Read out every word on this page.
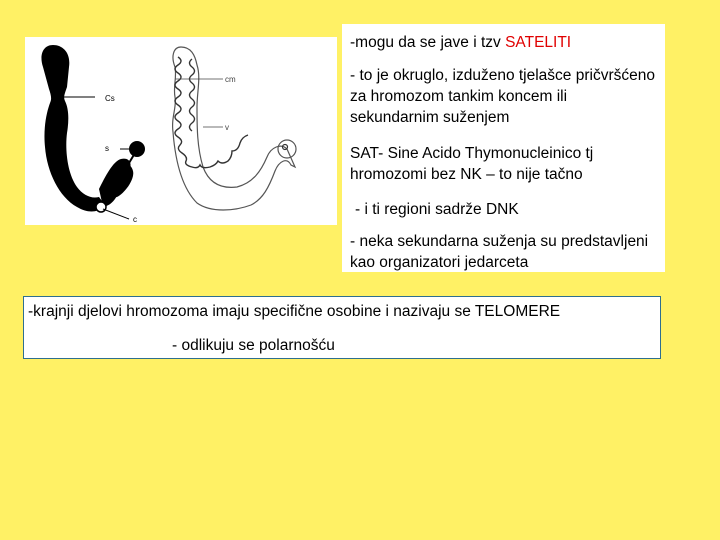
Cs
s
c
cm
v

-mogu da se jave i tzv SATELITI

- to je okruglo, izduženo tjelašce pričvršćeno za hromozom tankim koncem ili sekundarnim suženjem

SAT- Sine Acido Thymonucleinico tj hromozomi bez NK – to nije tačno

- i ti regioni sadrže DNK

- neka sekundarna suženja su predstavljeni kao organizatori jedarceta

-krajnji djelovi hromozoma imaju specifične osobine i nazivaju se TELOMERE

- odlikuju se polarnošću
